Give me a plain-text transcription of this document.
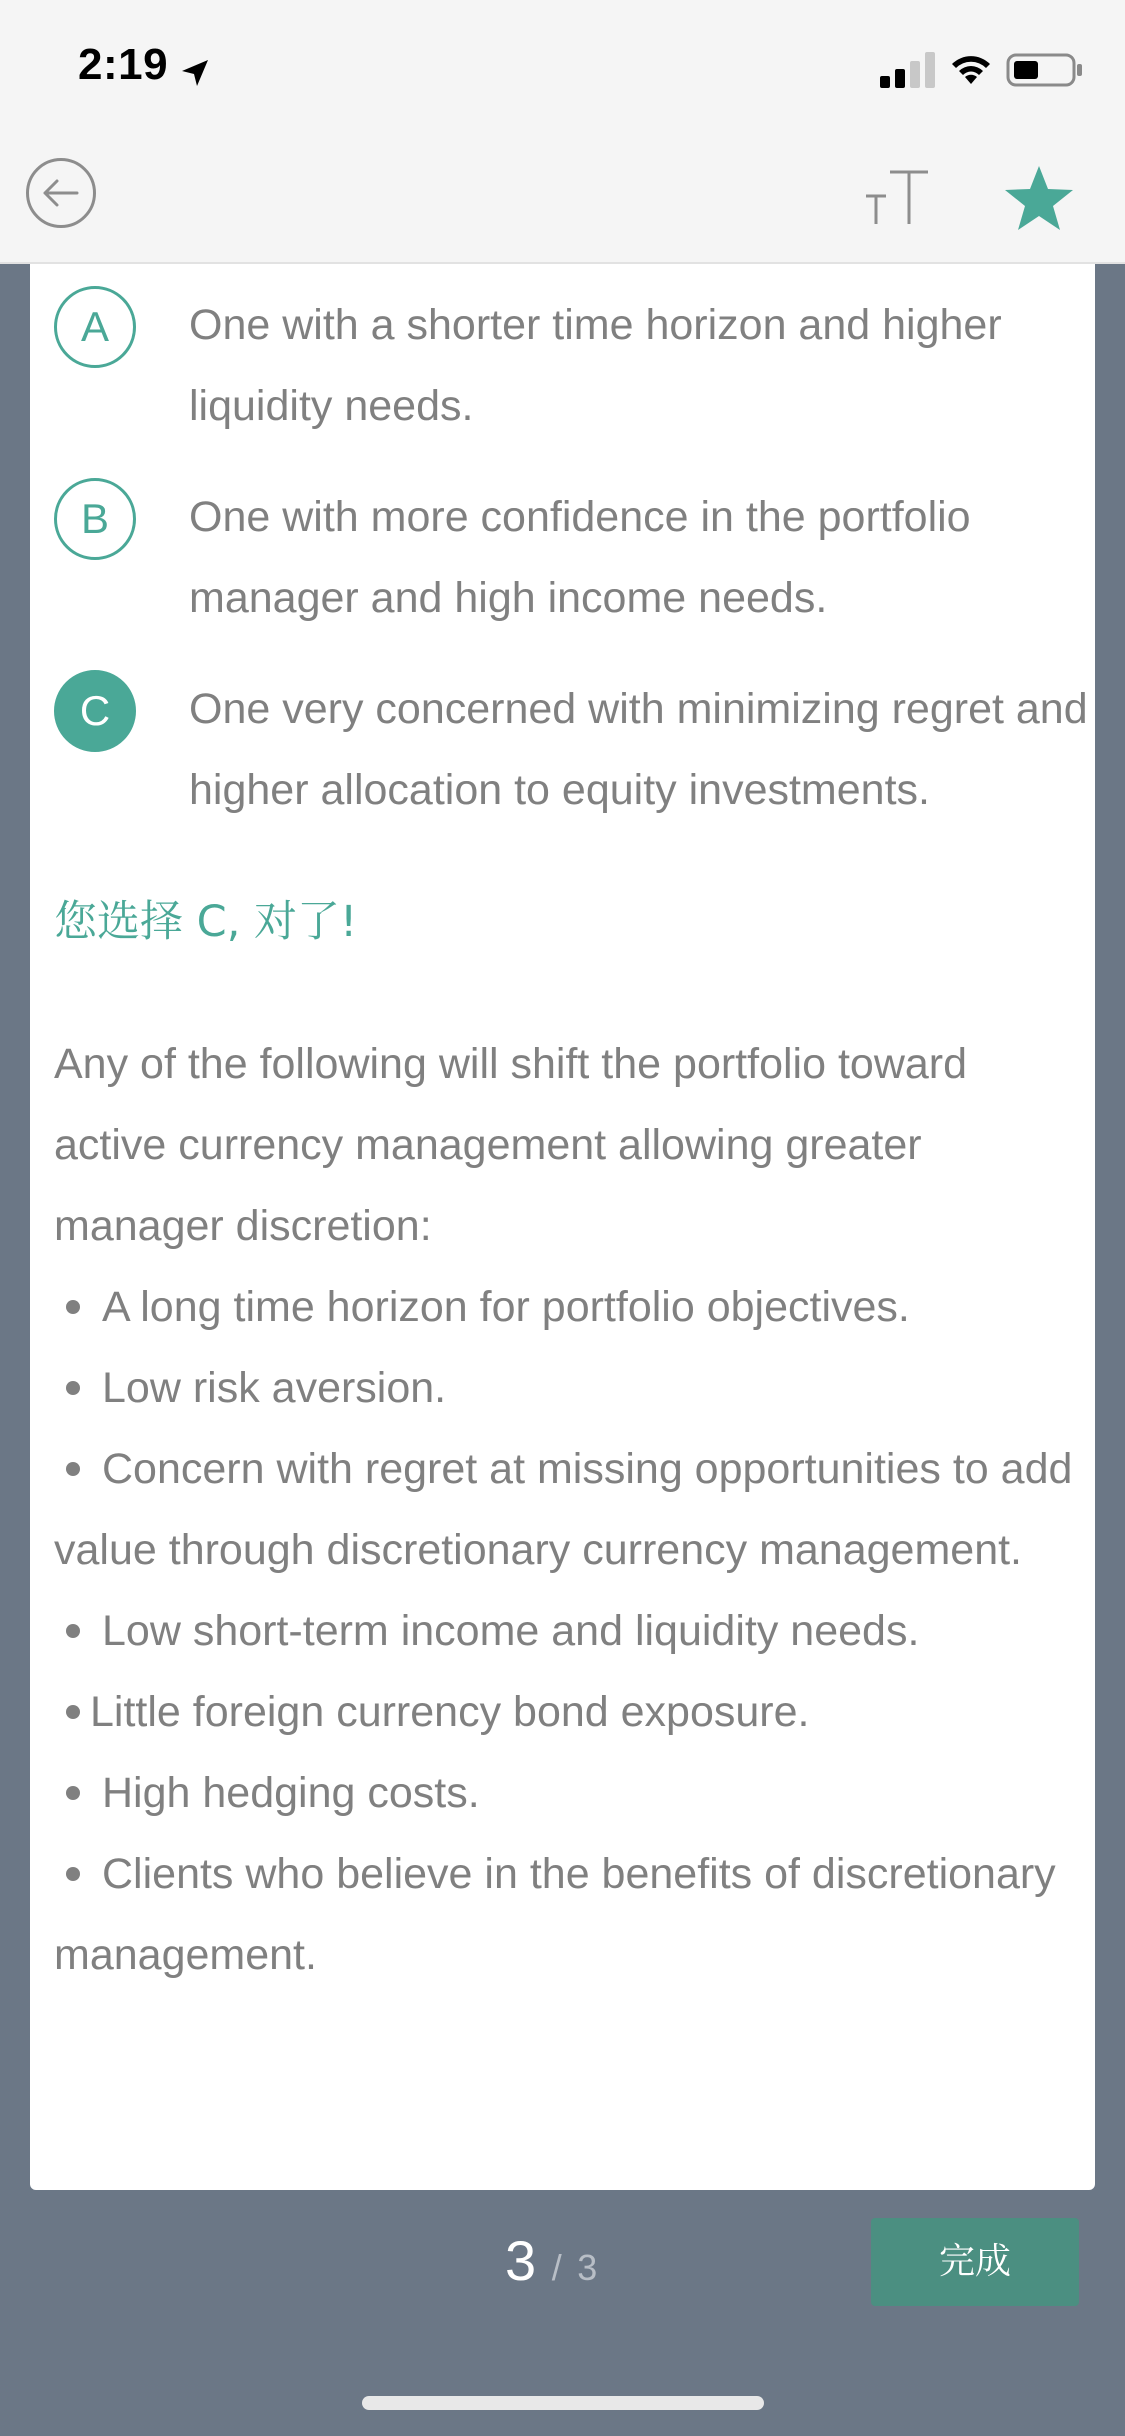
2:19
A	One with a shorter time horizon and higher liquidity needs.
B	One with more confidence in the portfolio manager and high income needs.
C	One very concerned with minimizing regret and higher allocation to equity investments.
您选择 C, 对了!

Any of the following will shift the portfolio toward active currency management allowing greater manager discretion:

A long time horizon for portfolio objectives.

Low risk aversion.

Concern with regret at missing opportunities to add value through discretionary currency management.

Low short-term income and liquidity needs.

Little foreign currency bond exposure.

High hedging costs.

Clients who believe in the benefits of discretionary management.

3 / 3	完成
